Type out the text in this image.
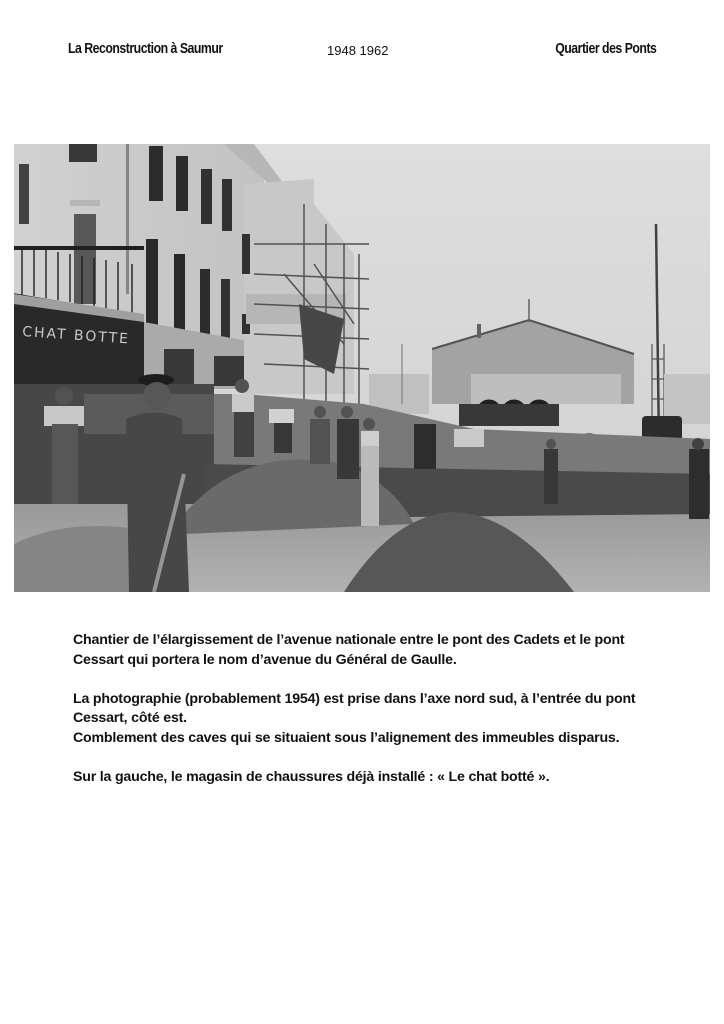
La Reconstruction à Saumur	1948 1962	Quartier des Ponts
CHAT BOTTE

Chantier de l’élargissement de l’avenue nationale entre le pont des Cadets et le pont

Cessart qui portera le nom d’avenue du Général de Gaulle.

La photographie (probablement 1954) est prise dans l’axe nord sud, à l’entrée du pont

Cessart, côté est.

Comblement des caves qui se situaient sous l’alignement des immeubles disparus.

Sur la gauche, le magasin de chaussures déjà installé : « Le chat botté ».
